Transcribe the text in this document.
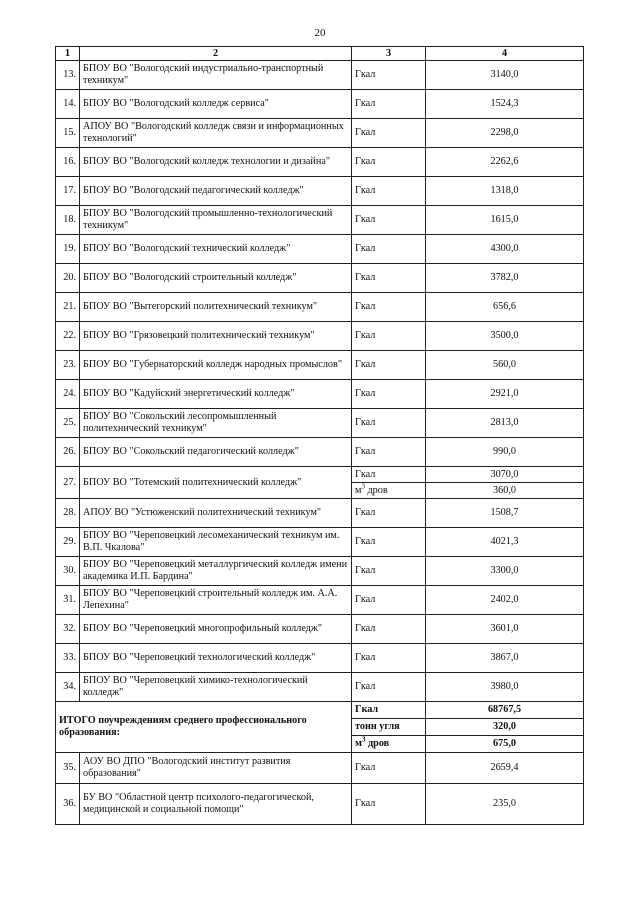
20
1	2	3	4
13.	БПОУ ВО "Вологодский индустриально-транспортный техникум"	Гкал	3140,0
14.	БПОУ ВО "Вологодский колледж сервиса"	Гкал	1524,3
15.	АПОУ ВО "Вологодский колледж связи и информационных технологий"	Гкал	2298,0
16.	БПОУ ВО "Вологодский колледж технологии и дизайна"	Гкал	2262,6
17.	БПОУ ВО "Вологодский педагогический колледж"	Гкал	1318,0
18.	БПОУ ВО "Вологодский промышленно-технологический техникум"	Гкал	1615,0
19.	БПОУ ВО "Вологодский технический колледж"	Гкал	4300,0
20.	БПОУ ВО "Вологодский строительный колледж"	Гкал	3782,0
21.	БПОУ ВО "Вытегорский политехнический техникум"	Гкал	656,6
22.	БПОУ ВО "Грязовецкий политехнический техникум"	Гкал	3500,0
23.	БПОУ ВО "Губернаторский колледж народных промыслов"	Гкал	560,0
24.	БПОУ ВО "Кадуйский энергетический колледж"	Гкал	2921,0
25.	БПОУ ВО "Сокольский лесопромышленный политехнический техникум"	Гкал	2813,0
26.	БПОУ ВО "Сокольский педагогический колледж"	Гкал	990,0
27.	БПОУ ВО "Тотемский политехнический колледж"	Гкал	3070,0
		$м^3$ дров	360,0
28.	АПОУ ВО "Устюженский политехнический техникум"	Гкал	1508,7
29.	БПОУ ВО "Череповецкий лесомеханический техникум им. В.П. Чкалова"	Гкал	4021,3
30.	БПОУ ВО "Череповецкий металлургический колледж имени академика И.П. Бардина"	Гкал	3300,0
31.	БПОУ ВО "Череповецкий строительный колледж им. А.А. Лепехина"	Гкал	2402,0
32.	БПОУ ВО "Череповецкий многопрофильный колледж"	Гкал	3601,0
33.	БПОУ ВО "Череповецкий технологический колледж"	Гкал	3867,0
34.	БПОУ ВО "Череповецкий химико-технологический колледж"	Гкал	3980,0
ИТОГО поучреждениям среднего профессионального образования:		Гкал	68767,5
		тонн угля	320,0
		$м^3$ дров	675,0
35.	АОУ ВО ДПО "Вологодский институт развития образования"	Гкал	2659,4
36.	БУ ВО "Областной центр психолого-педагогической, медицинской и социальной помощи"	Гкал	235,0
